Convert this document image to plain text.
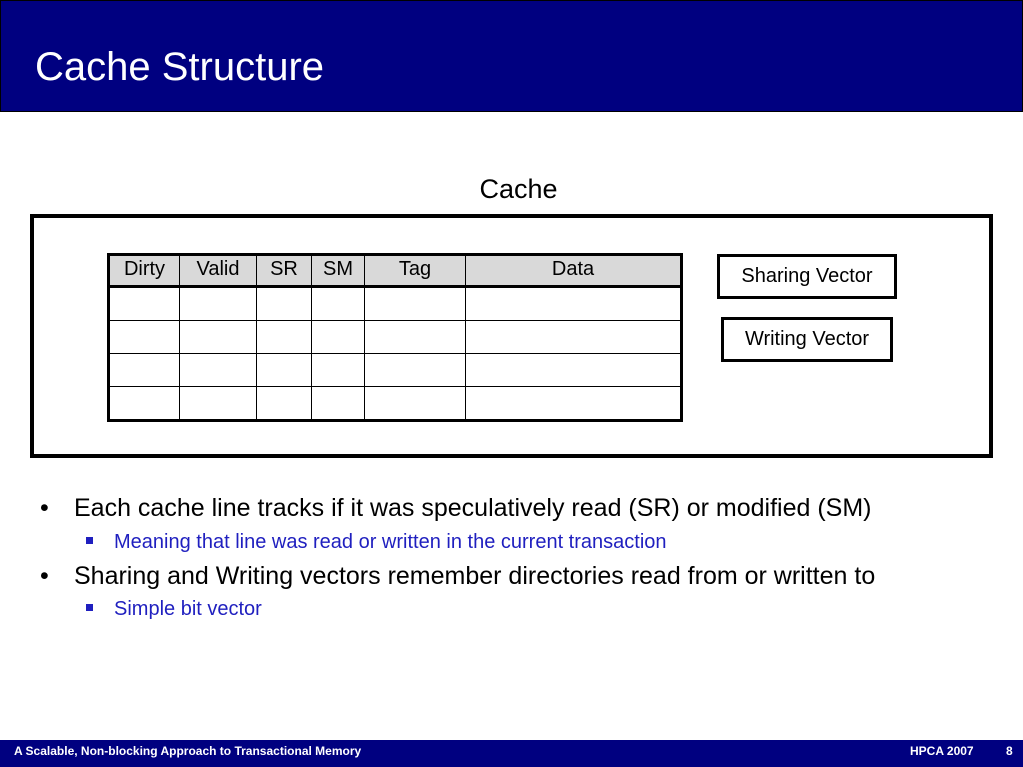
Cache Structure
Cache
Dirty	Valid	SR	SM	Tag	Data

						Sharing Vector
Writing Vector
• Each cache line tracks if it was speculatively read (SR) or modified (SM)
Meaning that line was read or written in the current transaction
• Sharing and Writing vectors remember directories read from or written to
Simple bit vector
A Scalable, Non-blocking Approach to Transactional Memory	HPCA 2007	8
